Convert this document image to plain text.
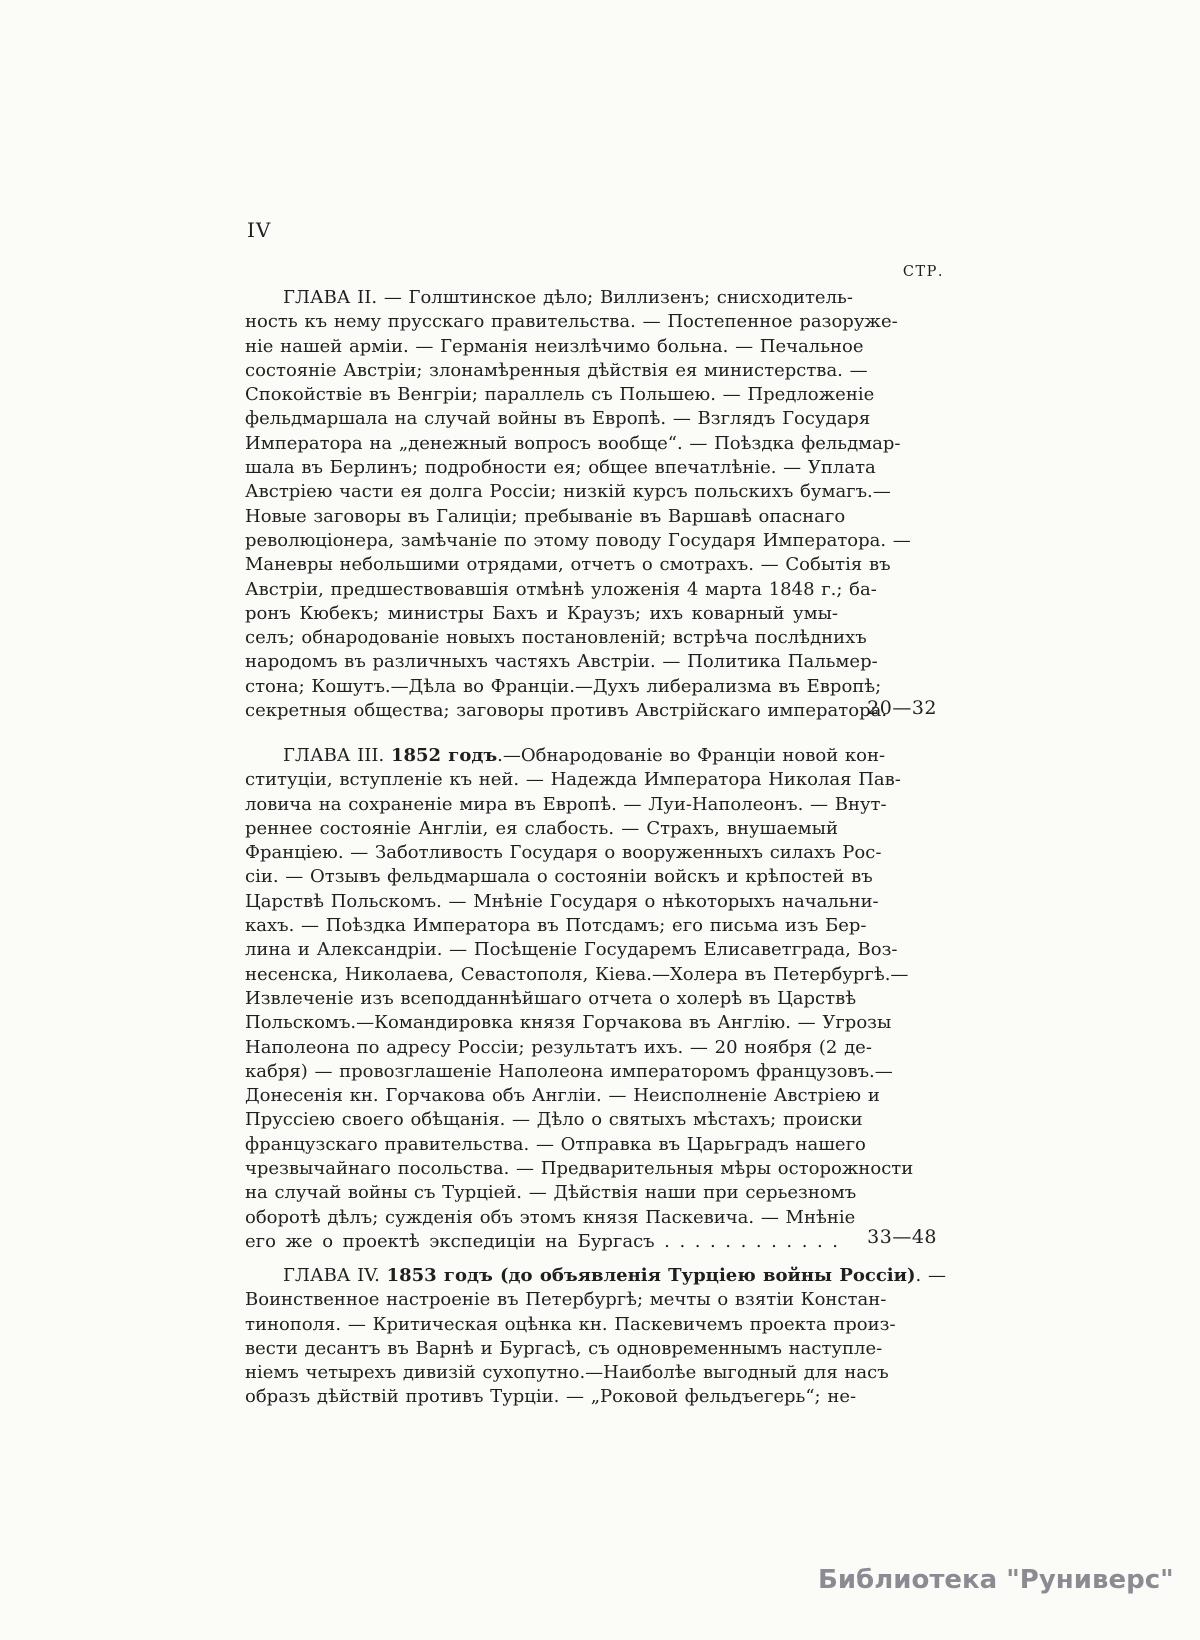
IV
СТР.
ГЛАВА II. — Голштинское дѣло; Виллизенъ; снисходитель-
ность къ нему прусскаго правительства. — Постепенное разоруже-
ніе нашей арміи. — Германія неизлѣчимо больна. — Печальное
состояніе Австріи; злонамѣренныя дѣйствія ея министерства. —
Спокойствіе въ Венгріи; параллель съ Польшею. — Предложеніе
фельдмаршала на случай войны въ Европѣ. — Взглядъ Государя
Императора на „денежный вопросъ вообще“. — Поѣздка фельдмар-
шала въ Берлинъ; подробности ея; общее впечатлѣніе. — Уплата
Австріею части ея долга Россіи; низкій курсъ польскихъ бумагъ.—
Новые заговоры въ Галиціи; пребываніе въ Варшавѣ опаснаго
революціонера, замѣчаніе по этому поводу Государя Императора. —
Маневры небольшими отрядами, отчетъ о смотрахъ. — Событія въ
Австріи, предшествовавшія отмѣнѣ уложенія 4 марта 1848 г.; ба-
ронъ Кюбекъ; министры Бахъ и Краузъ; ихъ коварный умы-
селъ; обнародованіе новыхъ постановленій; встрѣча послѣднихъ
народомъ въ различныхъ частяхъ Австріи. — Политика Пальмер-
стона; Кошутъ.—Дѣла во Франціи.—Духъ либерализма въ Европѣ;
секретныя общества; заговоры противъ Австрійскаго императора.
20—32
ГЛАВА III. 1852 годъ.—Обнародованіе во Франціи новой кон-
ституціи, вступленіе къ ней. — Надежда Императора Николая Пав-
ловича на сохраненіе мира въ Европѣ. — Луи-Наполеонъ. — Внут-
реннее состояніе Англіи, ея слабость. — Страхъ, внушаемый
Франціею. — Заботливость Государя о вооруженныхъ силахъ Рос-
сіи. — Отзывъ фельдмаршала о состояніи войскъ и крѣпостей въ
Царствѣ Польскомъ. — Мнѣніе Государя о нѣкоторыхъ начальни-
кахъ. — Поѣздка Императора въ Потсдамъ; его письма изъ Бер-
лина и Александріи. — Посѣщеніе Государемъ Елисаветграда, Воз-
несенска, Николаева, Севастополя, Кіева.—Холера въ Петербургѣ.—
Извлеченіе изъ всеподданнѣйшаго отчета о холерѣ въ Царствѣ
Польскомъ.—Командировка князя Горчакова въ Англію. — Угрозы
Наполеона по адресу Россіи; результатъ ихъ. — 20 ноября (2 де-
кабря) — провозглашеніе Наполеона императоромъ французовъ.—
Донесенія кн. Горчакова объ Англіи. — Неисполненіе Австріею и
Пруссіею своего обѣщанія. — Дѣло о святыхъ мѣстахъ; происки
французскаго правительства. — Отправка въ Царьградъ нашего
чрезвычайнаго посольства. — Предварительныя мѣры осторожности
на случай войны съ Турціей. — Дѣйствія наши при серьезномъ
оборотѣ дѣлъ; сужденія объ этомъ князя Паскевича. — Мнѣніе
его же о проектѣ экспедиціи на Бургасъ . . . . . . . . . . . . 33—48
ГЛАВА IV. 1853 годъ (до объявленія Турціею войны Россіи). —
Воинственное настроеніе въ Петербургѣ; мечты о взятіи Констан-
тинополя. — Критическая оцѣнка кн. Паскевичемъ проекта произ-
вести десантъ въ Варнѣ и Бургасѣ, съ одновременнымъ наступле-
ніемъ четырехъ дивизій сухопутно.—Наиболѣе выгодный для насъ
образъ дѣйствій противъ Турціи. — „Роковой фельдъегерь“; не-
Библиотека "Руниверс"
